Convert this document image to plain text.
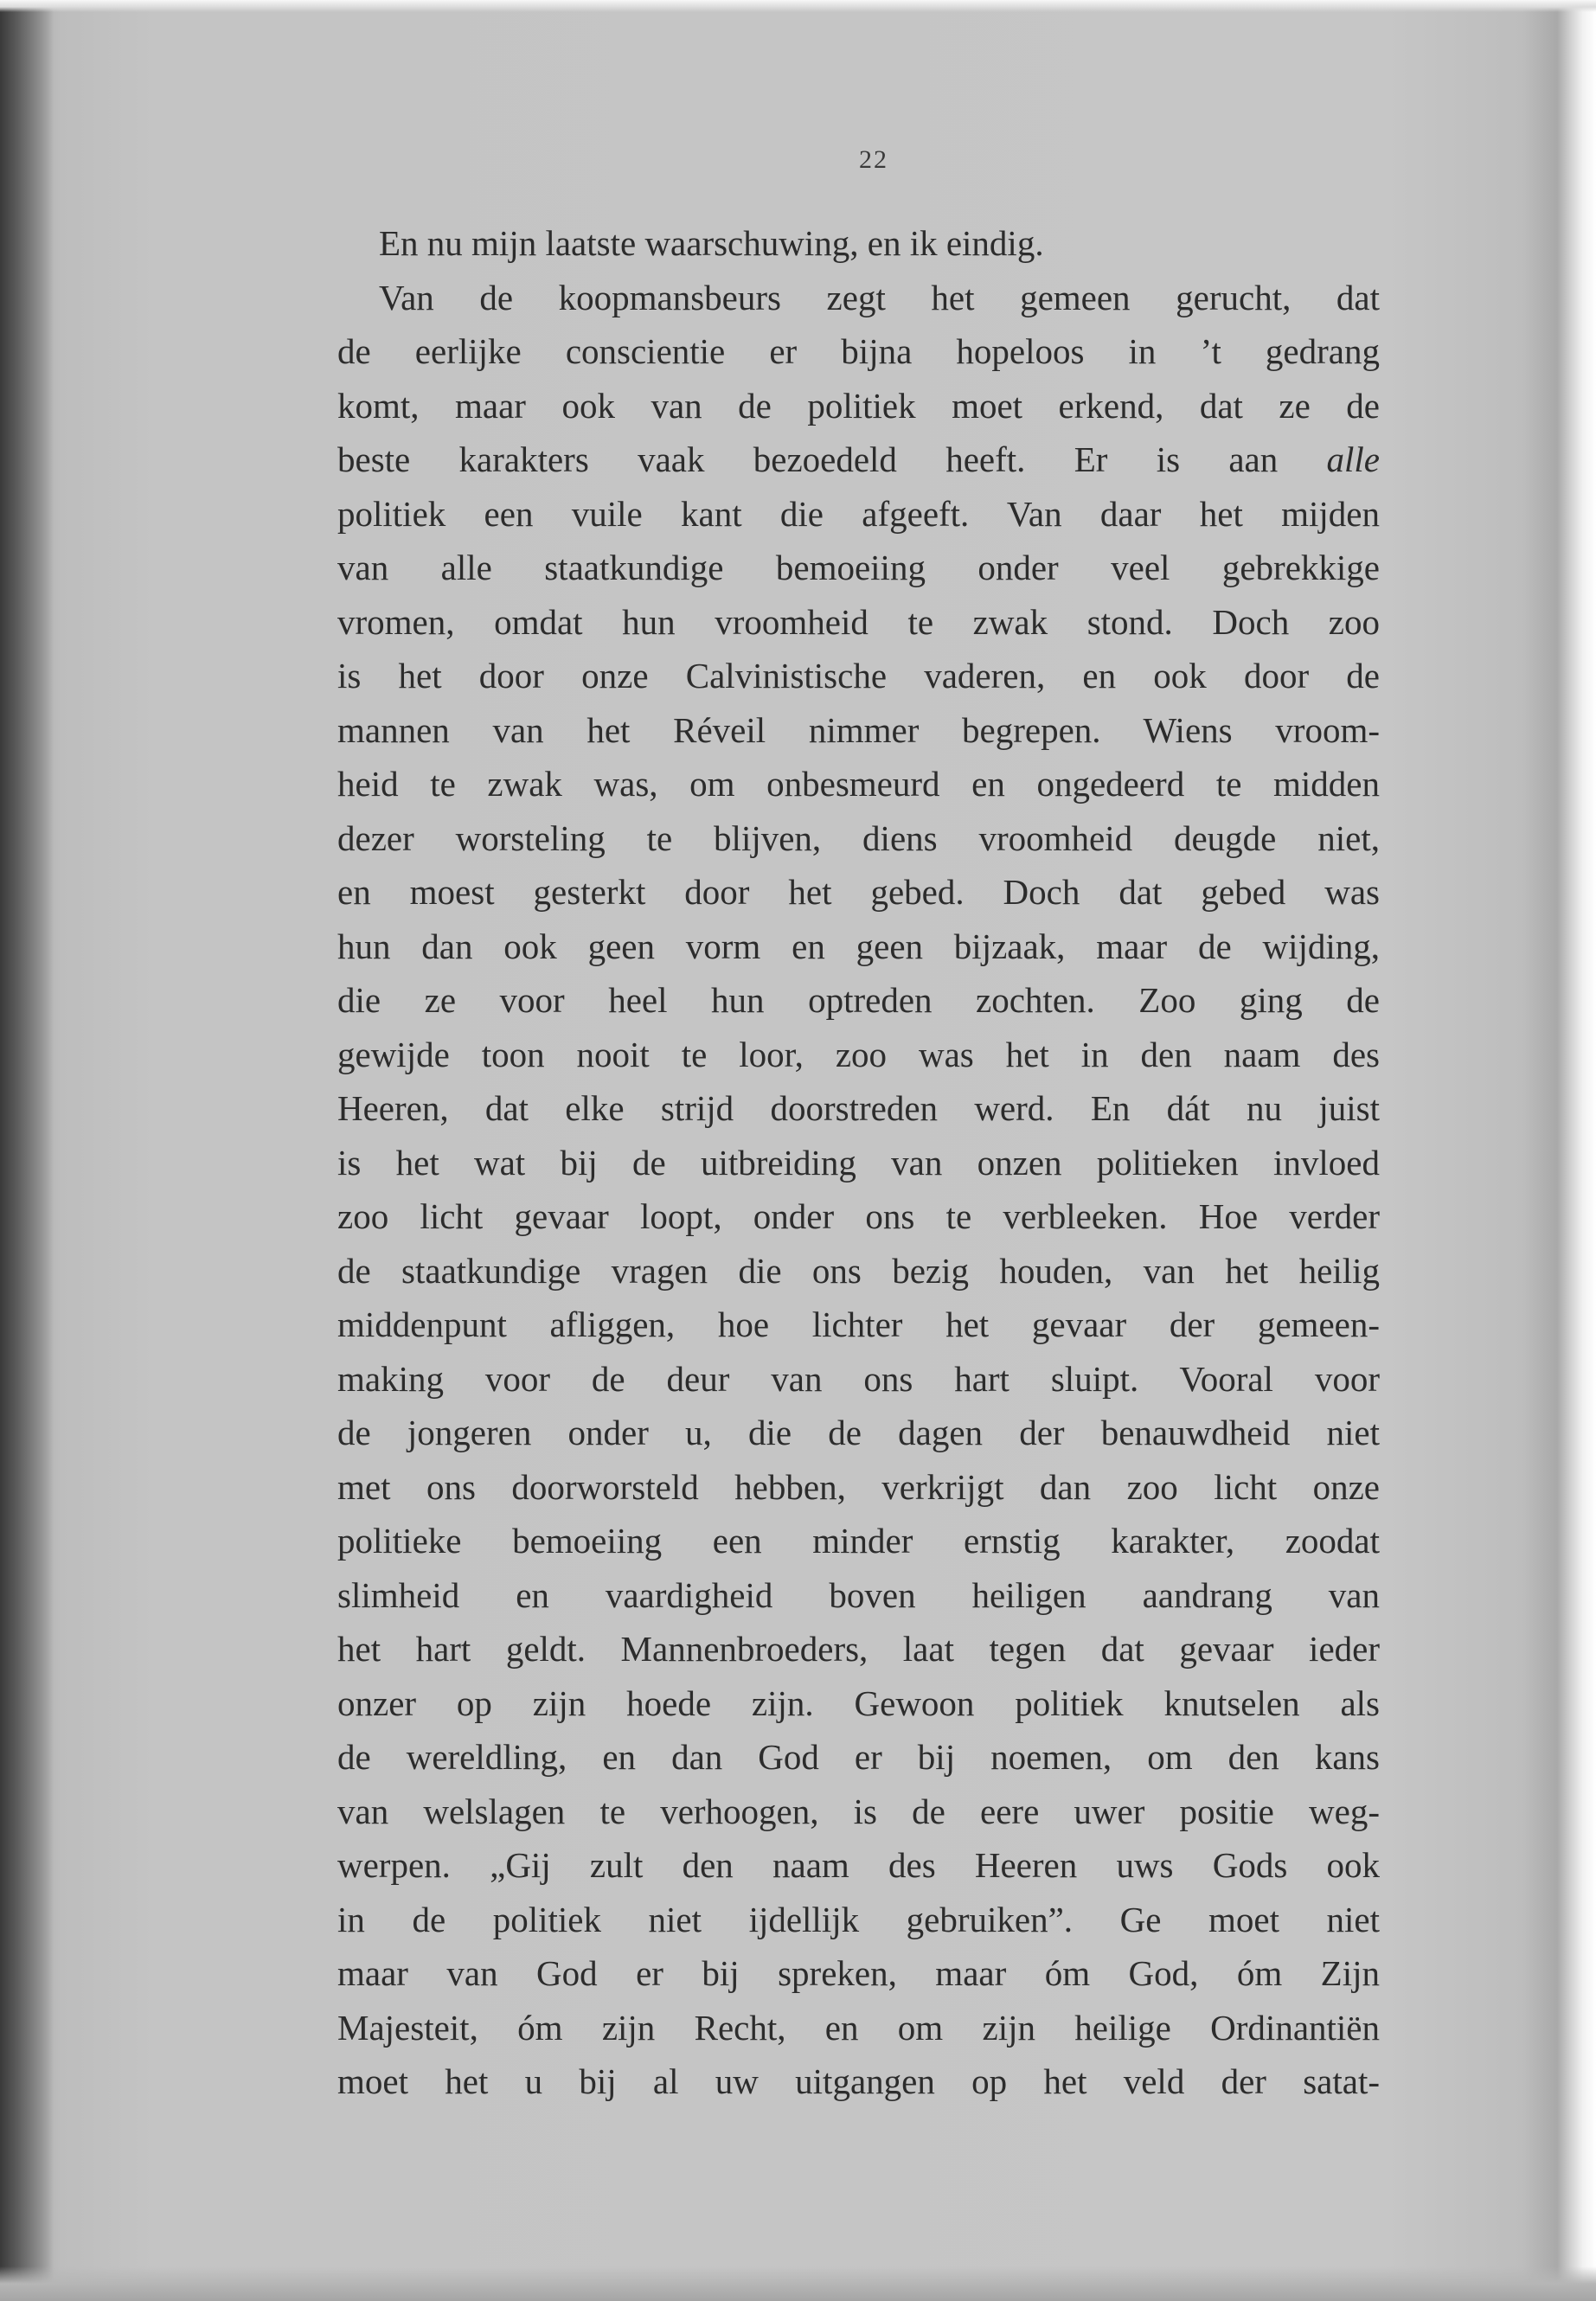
22
En nu mijn laatste waarschuwing, en ik eindig.
Van de koopmansbeurs zegt het gemeen gerucht, dat
de eerlijke conscientie er bijna hopeloos in ’t gedrang
komt, maar ook van de politiek moet erkend, dat ze de
beste karakters vaak bezoedeld heeft. Er is aan alle
politiek een vuile kant die afgeeft. Van daar het mijden
van alle staatkundige bemoeiing onder veel gebrekkige
vromen, omdat hun vroomheid te zwak stond. Doch zoo
is het door onze Calvinistische vaderen, en ook door de
mannen van het Réveil nimmer begrepen. Wiens vroom-
heid te zwak was, om onbesmeurd en ongedeerd te midden
dezer worsteling te blijven, diens vroomheid deugde niet,
en moest gesterkt door het gebed. Doch dat gebed was
hun dan ook geen vorm en geen bijzaak, maar de wijding,
die ze voor heel hun optreden zochten. Zoo ging de
gewijde toon nooit te loor, zoo was het in den naam des
Heeren, dat elke strijd doorstreden werd. En dát nu juist
is het wat bij de uitbreiding van onzen politieken invloed
zoo licht gevaar loopt, onder ons te verbleeken. Hoe verder
de staatkundige vragen die ons bezig houden, van het heilig
middenpunt afliggen, hoe lichter het gevaar der gemeen-
making voor de deur van ons hart sluipt. Vooral voor
de jongeren onder u, die de dagen der benauwdheid niet
met ons doorworsteld hebben, verkrijgt dan zoo licht onze
politieke bemoeiing een minder ernstig karakter, zoodat
slimheid en vaardigheid boven heiligen aandrang van
het hart geldt. Mannenbroeders, laat tegen dat gevaar ieder
onzer op zijn hoede zijn. Gewoon politiek knutselen als
de wereldling, en dan God er bij noemen, om den kans
van welslagen te verhoogen, is de eere uwer positie weg-
werpen. „Gij zult den naam des Heeren uws Gods ook
in de politiek niet ijdellijk gebruiken”. Ge moet niet
maar van God er bij spreken, maar óm God, óm Zijn
Majesteit, óm zijn Recht, en om zijn heilige Ordinantiën
moet het u bij al uw uitgangen op het veld der satat-
